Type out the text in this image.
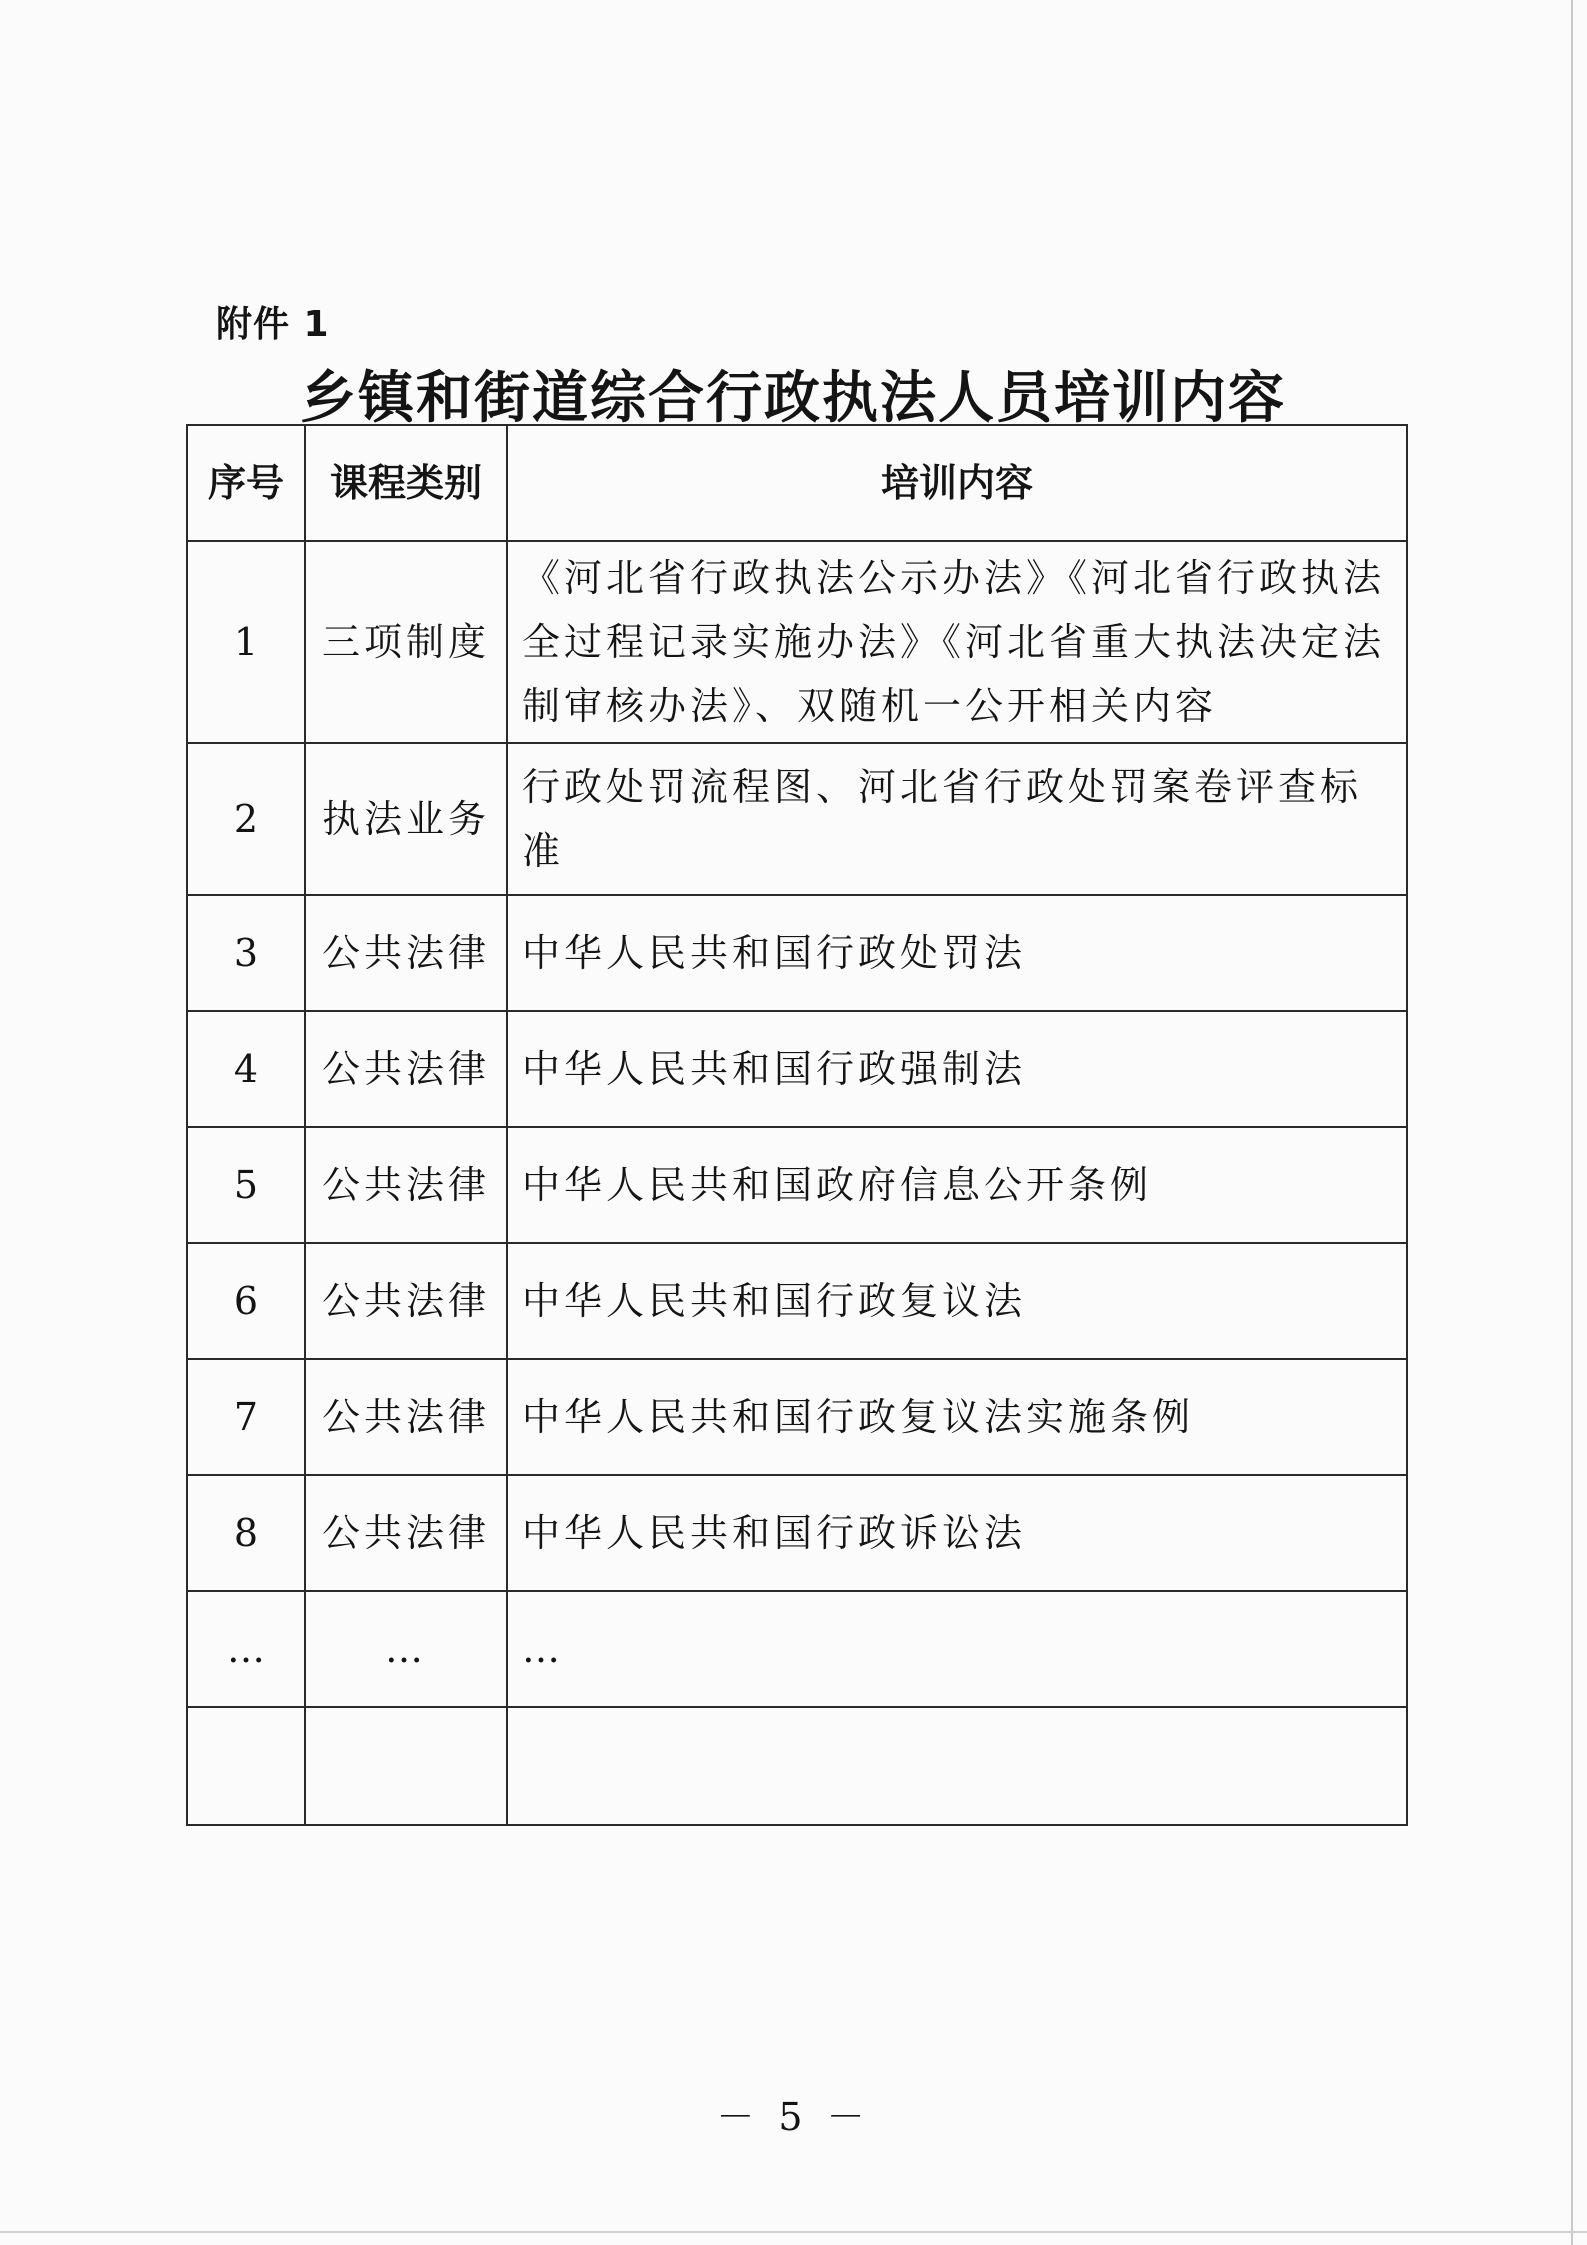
附件 1
乡镇和街道综合行政执法人员培训内容
序号	课程类别	培训内容
1	三项制度	《河北省行政执法公示办法》《河北省行政执法全过程记录实施办法》《河北省重大执法决定法制审核办法》、双随机一公开相关内容
2	执法业务	行政处罚流程图、河北省行政处罚案卷评查标准
3	公共法律	中华人民共和国行政处罚法
4	公共法律	中华人民共和国行政强制法
5	公共法律	中华人民共和国政府信息公开条例
6	公共法律	中华人民共和国行政复议法
7	公共法律	中华人民共和国行政复议法实施条例
8	公共法律	中华人民共和国行政诉讼法
…	…	…

－ 5 －
